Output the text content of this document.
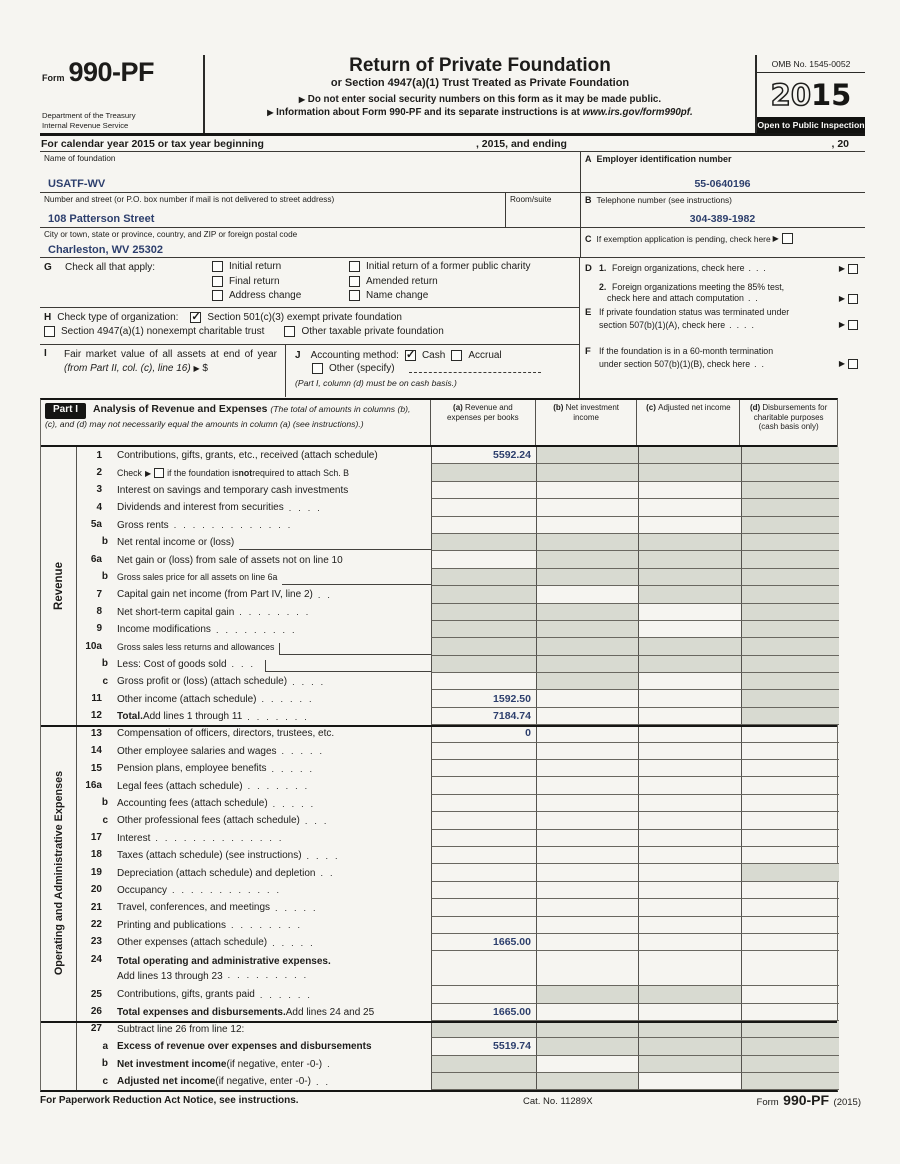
Form 990-PF
Department of the Treasury
Internal Revenue Service
Return of Private Foundation
or Section 4947(a)(1) Trust Treated as Private Foundation
▶ Do not enter social security numbers on this form as it may be made public.
▶ Information about Form 990-PF and its separate instructions is at www.irs.gov/form990pf.
OMB No. 1545-0052
20 15
Open to Public Inspection
For calendar year 2015 or tax year beginning	, 2015, and ending	, 20
Name of foundation
USATF-WV
A Employer identification number
55-0640196
Number and street (or P.O. box number if mail is not delivered to street address)
108 Patterson Street
Room/suite	B Telephone number (see instructions)
304-389-1982
City or town, state or province, country, and ZIP or foreign postal code
Charleston, WV 25302
C If exemption application is pending, check here ▶
G Check all that apply:	Initial return	Initial return of a former public charity
Final return	Amended return
Address change	Name change
H Check type of organization: ✓ Section 501(c)(3) exempt private foundation
Section 4947(a)(1) nonexempt charitable trust	Other taxable private foundation
I Fair market value of all assets at end of year (from Part II, col. (c), line 16) ▶ $
J Accounting method: ✓ Cash Accrual
Other (specify)
(Part I, column (d) must be on cash basis.)
D 1. Foreign organizations, check here ...	▶
2. Foreign organizations meeting the 85% test,
check here and attach computation ..	▶
E If private foundation status was terminated under
section 507(b)(1)(A), check here ....	▶
F If the foundation is in a 60-month termination
under section 507(b)(1)(B), check here ..	▶
Part I Analysis of Revenue and Expenses (The total of amounts in columns (b), (c), and (d) may not necessarily equal the amounts in column (a) (see instructions).)
(a) Revenue and expenses per books
(b) Net investment income
(c) Adjusted net income	(d) Disbursements for charitable purposes (cash basis only)
Revenue
Operating and Administrative Expenses
1	Contributions, gifts, grants, etc., received (attach schedule)	5592.24
2	Check ▶ if the foundation is not required to attach Sch. B
3	Interest on savings and temporary cash investments
4	Dividends and interest from securities ....
5a	Gross rents .............
b Net rental income or (loss)
6a	Net gain or (loss) from sale of assets not on line 10
b	Gross sales price for all assets on line 6a
7	Capital gain net income (from Part IV, line 2) ..
8	Net short-term capital gain ........
9	Income modifications .........
10a	Gross sales less returns and allowances
b Less: Cost of goods sold ...
c Gross profit or (loss) (attach schedule) ....
11	Other income (attach schedule) ......	1592.50
12	Total. Add lines 1 through 11 .......	7184.74
13	Compensation of officers, directors, trustees, etc.	0
14	Other employee salaries and wages .....
15	Pension plans, employee benefits .....
16a	Legal fees (attach schedule) .......
b Accounting fees (attach schedule) .....
c Other professional fees (attach schedule) ...
17	Interest ..............
18	Taxes (attach schedule) (see instructions) ....
19	Depreciation (attach schedule) and depletion ..
20	Occupancy ............
21	Travel, conferences, and meetings .....
22	Printing and publications ........
23	Other expenses (attach schedule) .....	1665.00
24	Total operating and administrative expenses.
Add lines 13 through 23 .........
25	Contributions, gifts, grants paid ......
26	Total expenses and disbursements. Add lines 24 and 25	1665.00
27	Subtract line 26 from line 12:
a Excess of revenue over expenses and disbursements	5519.74
b Net investment income (if negative, enter -0-) .
c Adjusted net income (if negative, enter -0-) ..
For Paperwork Reduction Act Notice, see instructions.	Cat. No. 11289X	Form 990-PF (2015)
